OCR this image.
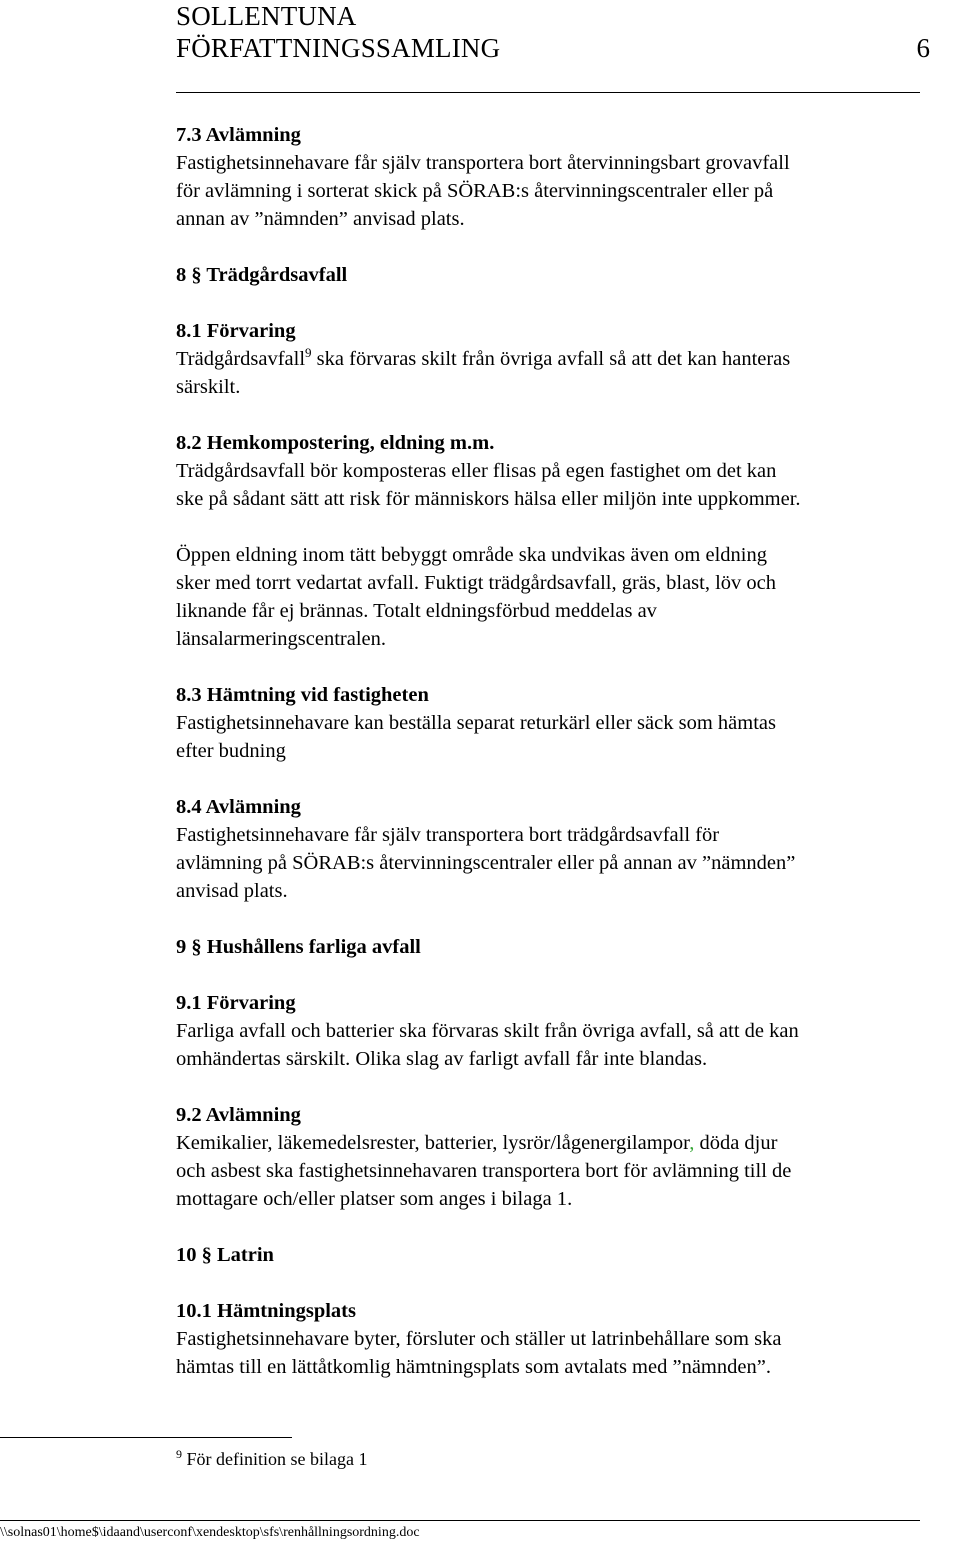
SOLLENTUNA
FÖRFATTNINGSSAMLING	6

7.3 Avlämning

Fastighetsinnehavare får själv transportera bort återvinningsbart grovavfall

för avlämning i sorterat skick på SÖRAB:s återvinningscentraler eller på

annan av ”nämnden” anvisad plats.

8 § Trädgårdsavfall

8.1 Förvaring

Trädgårdsavfall$^9$ ska förvaras skilt från övriga avfall så att det kan hanteras

särskilt.

8.2 Hemkompostering, eldning m.m.

Trädgårdsavfall bör komposteras eller flisas på egen fastighet om det kan

ske på sådant sätt att risk för människors hälsa eller miljön inte uppkommer.

Öppen eldning inom tätt bebyggt område ska undvikas även om eldning

sker med torrt vedartat avfall. Fuktigt trädgårdsavfall, gräs, blast, löv och

liknande får ej brännas. Totalt eldningsförbud meddelas av

länsalarmeringscentralen.

8.3 Hämtning vid fastigheten

Fastighetsinnehavare kan beställa separat returkärl eller säck som hämtas

efter budning

8.4 Avlämning

Fastighetsinnehavare får själv transportera bort trädgårdsavfall för

avlämning på SÖRAB:s återvinningscentraler eller på annan av ”nämnden”

anvisad plats.

9 § Hushållens farliga avfall

9.1 Förvaring

Farliga avfall och batterier ska förvaras skilt från övriga avfall, så att de kan

omhändertas särskilt. Olika slag av farligt avfall får inte blandas.

9.2 Avlämning

Kemikalier, läkemedelsrester, batterier, lysrör/lågenergilampor, döda djur

och asbest ska fastighetsinnehavaren transportera bort för avlämning till de

mottagare och/eller platser som anges i bilaga 1.

10 § Latrin

10.1 Hämtningsplats

Fastighetsinnehavare byter, försluter och ställer ut latrinbehållare som ska

hämtas till en lättåtkomlig hämtningsplats som avtalats med ”nämnden”.

$^9$ För definition se bilaga 1
\\solnas01\home$\idaand\userconf\xendesktop\sfs\renhållningsordning.doc
